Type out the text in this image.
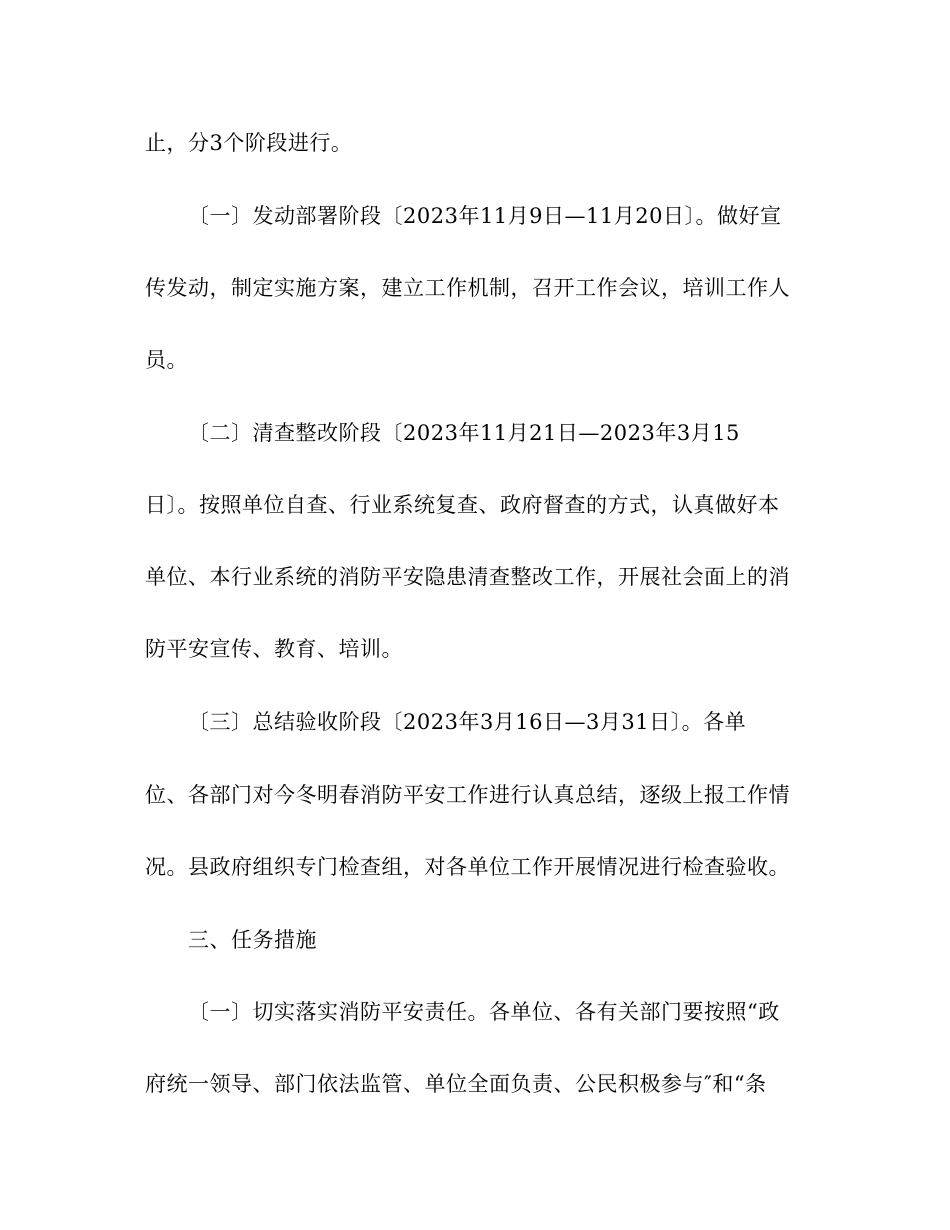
止，分3个阶段进行。
〔一〕发动部署阶段〔2023年11月9日—11月20日〕。做好宣
传发动，制定实施方案，建立工作机制，召开工作会议，培训工作人
员。
〔二〕清查整改阶段〔2023年11月21日—2023年3月15
日〕。按照单位自查、行业系统复查、政府督查的方式，认真做好本
单位、本行业系统的消防平安隐患清查整改工作，开展社会面上的消
防平安宣传、教育、培训。
〔三〕总结验收阶段〔2023年3月16日—3月31日〕。各单
位、各部门对今冬明春消防平安工作进行认真总结，逐级上报工作情
况。县政府组织专门检查组，对各单位工作开展情况进行检查验收。
三、任务措施
〔一〕切实落实消防平安责任。各单位、各有关部门要按照“政
府统一领导、部门依法监管、单位全面负责、公民积极参与″和“条
